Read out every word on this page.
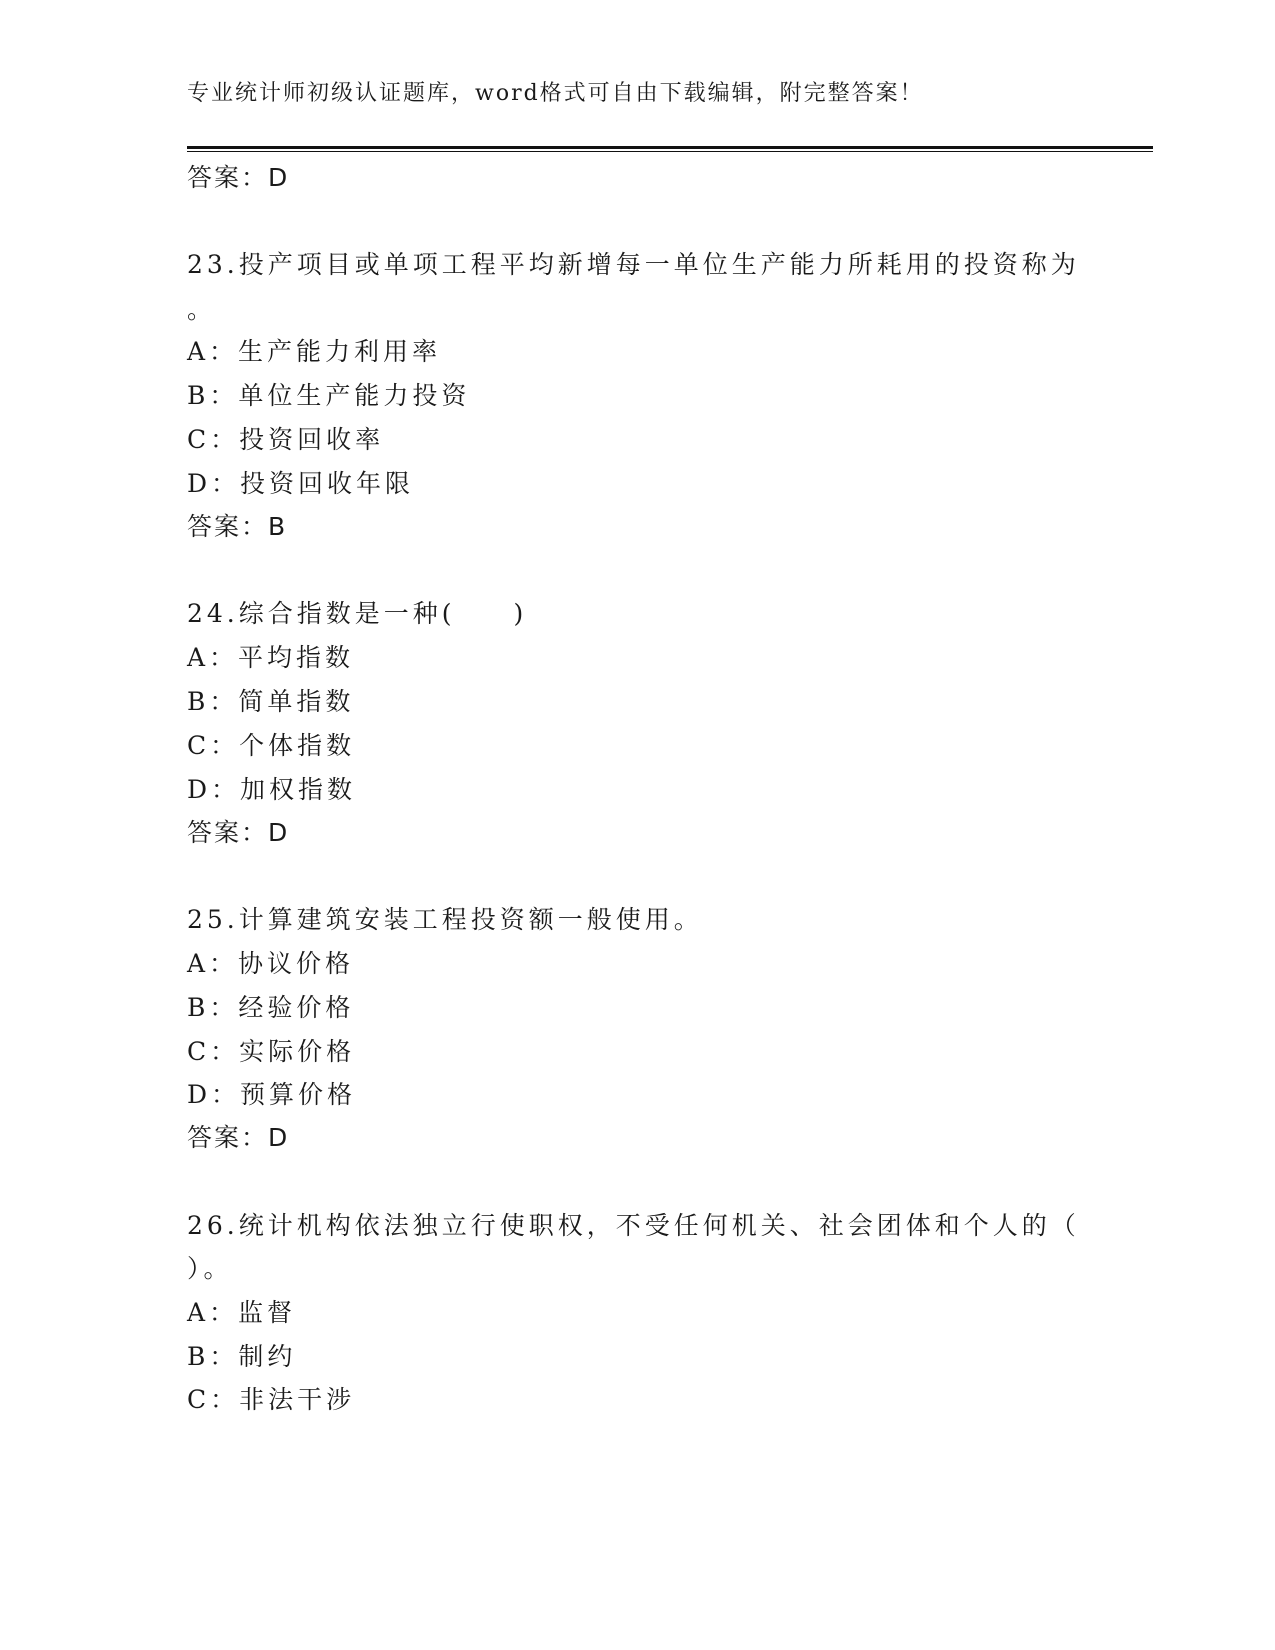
专业统计师初级认证题库，word格式可自由下载编辑，附完整答案！
答案：D
23.投产项目或单项工程平均新增每一单位生产能力所耗用的投资称为
。
A：生产能力利用率
B：单位生产能力投资
C：投资回收率
D：投资回收年限
答案：B
24.综合指数是一种(　　)
A：平均指数
B：简单指数
C：个体指数
D：加权指数
答案：D
25.计算建筑安装工程投资额一般使用。
A：协议价格
B：经验价格
C：实际价格
D：预算价格
答案：D
26.统计机构依法独立行使职权，不受任何机关、社会团体和个人的（
）。
A：监督
B：制约
C：非法干涉
